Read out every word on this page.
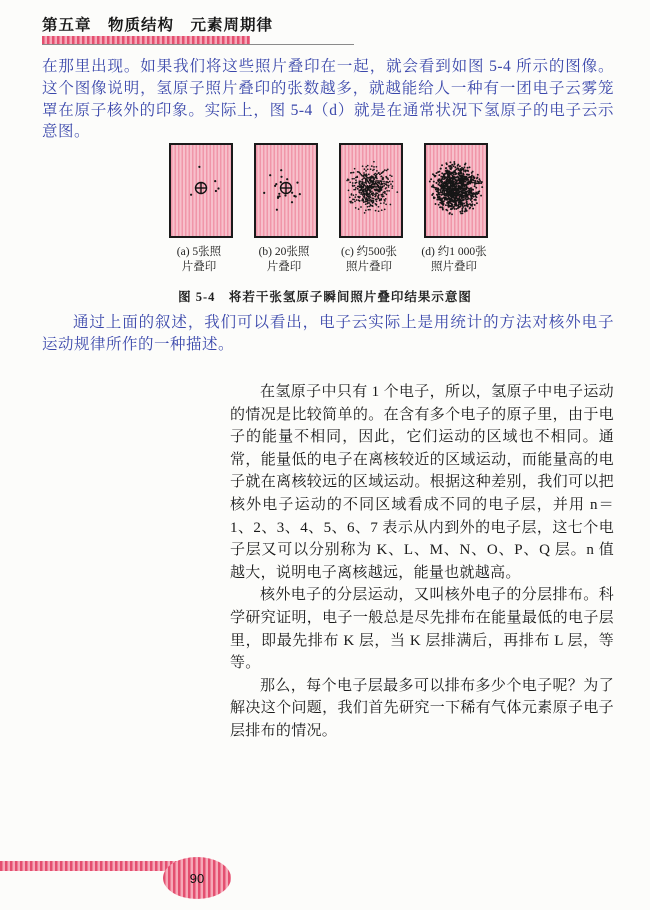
第五章　物质结构　元素周期律
在那里出现。如果我们将这些照片叠印在一起，就会看到如图 5-4 所示的图像。这个图像说明，氢原子照片叠印的张数越多，就越能给人一种有一团电子云雾笼罩在原子核外的印象。实际上，图 5-4（d）就是在通常状况下氢原子的电子云示意图。
(a) 5张照
片叠印
(b) 20张照
片叠印
(c) 约500张
照片叠印
(d) 约1 000张
照片叠印
图 5-4　将若干张氢原子瞬间照片叠印结果示意图
通过上面的叙述，我们可以看出，电子云实际上是用统计的方法对核外电子运动规律所作的一种描述。

在氢原子中只有 1 个电子，所以，氢原子中电子运动的情况是比较简单的。在含有多个电子的原子里，由于电子的能量不相同，因此，它们运动的区域也不相同。通常，能量低的电子在离核较近的区域运动，而能量高的电子就在离核较远的区域运动。根据这种差别，我们可以把核外电子运动的不同区域看成不同的电子层，并用 n＝1、2、3、4、5、6、7 表示从内到外的电子层，这七个电子层又可以分别称为 K、L、M、N、O、P、Q 层。n 值越大，说明电子离核越远，能量也就越高。

核外电子的分层运动，又叫核外电子的分层排布。科学研究证明，电子一般总是尽先排布在能量最低的电子层里，即最先排布 K 层，当 K 层排满后，再排布 L 层，等等。

那么，每个电子层最多可以排布多少个电子呢？为了解决这个问题，我们首先研究一下稀有气体元素原子电子层排布的情况。

90
